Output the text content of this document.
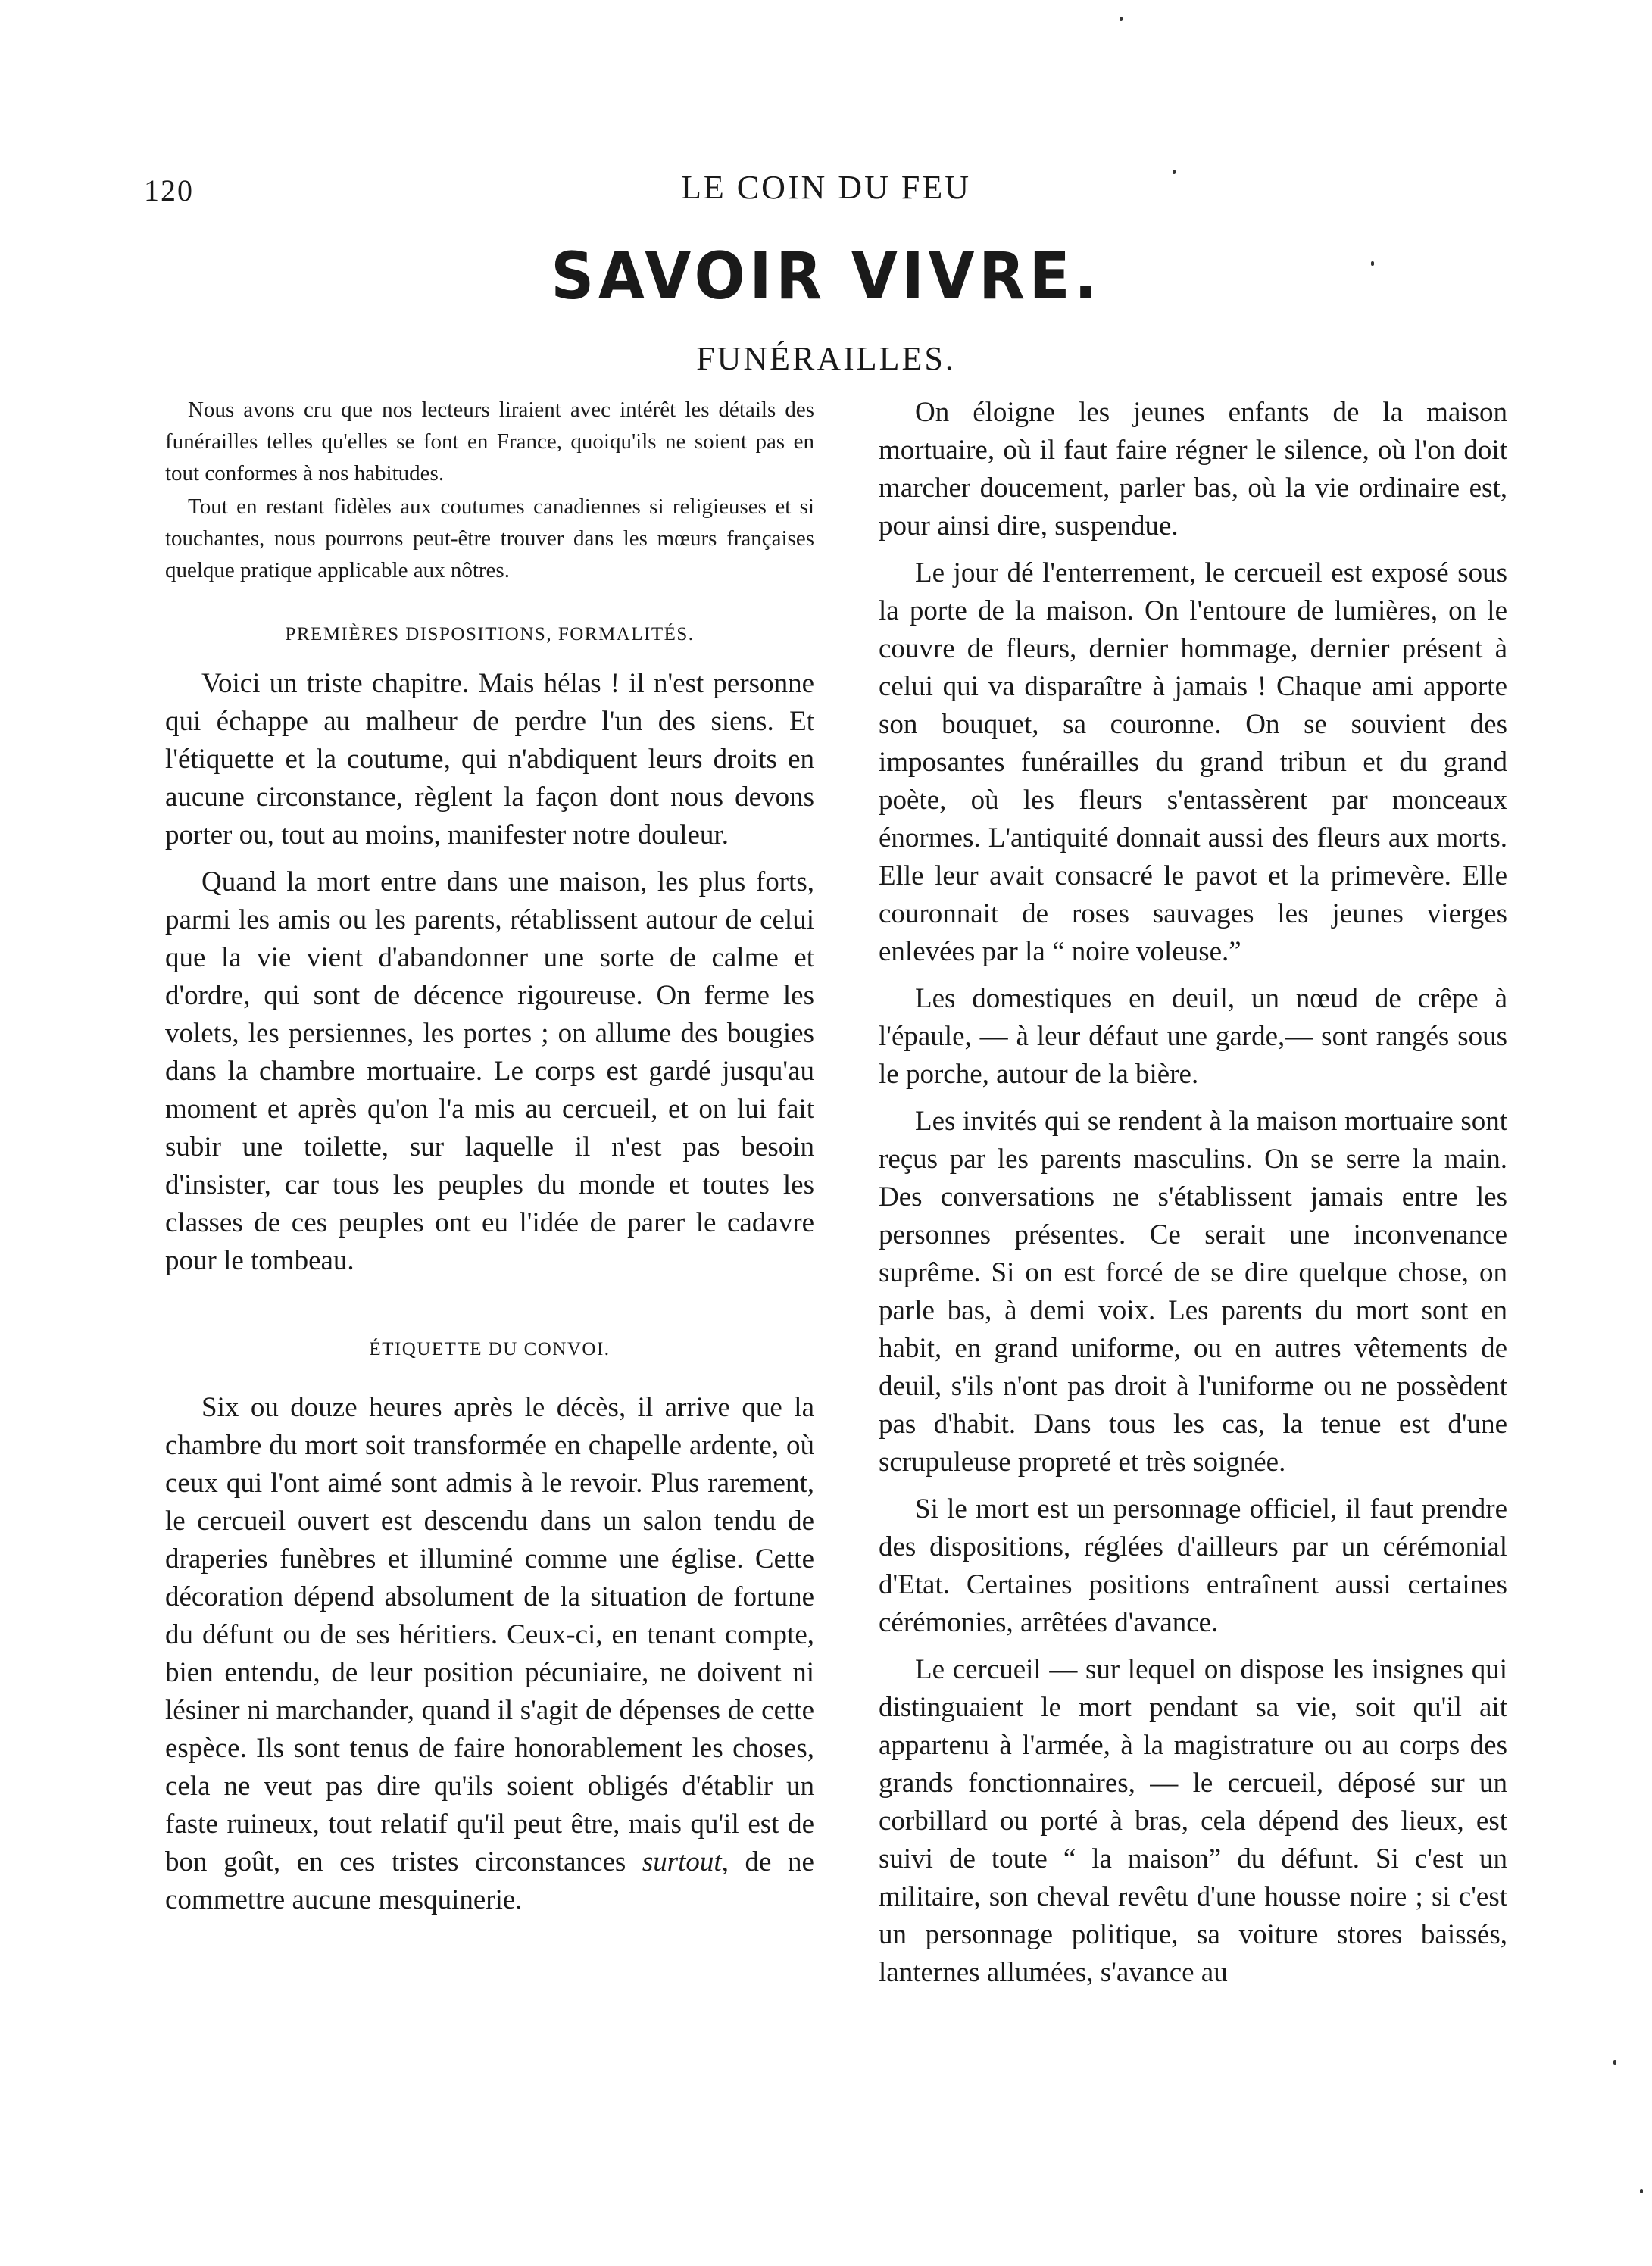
120	LE COIN DU FEU
SAVOIR VIVRE.
FUNÉRAILLES.

Nous avons cru que nos lecteurs liraient avec intérêt les détails des funérailles telles qu'elles se font en France, quoiqu'ils ne soient pas en tout conformes à nos habitudes.

Tout en restant fidèles aux coutumes canadiennes si religieuses et si touchantes, nous pourrons peut-être trouver dans les mœurs françaises quelque pratique applicable aux nôtres.

PREMIÈRES DISPOSITIONS, FORMALITÉS.

Voici un triste chapitre. Mais hélas ! il n'est personne qui échappe au malheur de perdre l'un des siens. Et l'étiquette et la coutume, qui n'abdiquent leurs droits en aucune circonstance, règlent la façon dont nous devons porter ou, tout au moins, manifester notre douleur.

Quand la mort entre dans une maison, les plus forts, parmi les amis ou les parents, rétablissent autour de celui que la vie vient d'abandonner une sorte de calme et d'ordre, qui sont de décence rigoureuse. On ferme les volets, les persiennes, les portes ; on allume des bougies dans la chambre mortuaire. Le corps est gardé jusqu'au moment et après qu'on l'a mis au cercueil, et on lui fait subir une toilette, sur laquelle il n'est pas besoin d'insister, car tous les peuples du monde et toutes les classes de ces peuples ont eu l'idée de parer le cadavre pour le tombeau.

ÉTIQUETTE DU CONVOI.

Six ou douze heures après le décès, il arrive que la chambre du mort soit transformée en chapelle ardente, où ceux qui l'ont aimé sont admis à le revoir. Plus rarement, le cercueil ouvert est descendu dans un salon tendu de draperies funèbres et illuminé comme une église. Cette décoration dépend absolument de la situation de fortune du défunt ou de ses héritiers. Ceux-ci, en tenant compte, bien entendu, de leur position pécuniaire, ne doivent ni lésiner ni marchander, quand il s'agit de dépenses de cette espèce. Ils sont tenus de faire honorablement les choses, cela ne veut pas dire qu'ils soient obligés d'établir un faste ruineux, tout relatif qu'il peut être, mais qu'il est de bon goût, en ces tristes circonstances surtout, de ne commettre aucune mesquinerie.

On éloigne les jeunes enfants de la maison mortuaire, où il faut faire régner le silence, où l'on doit marcher doucement, parler bas, où la vie ordinaire est, pour ainsi dire, suspendue.

Le jour dé l'enterrement, le cercueil est exposé sous la porte de la maison. On l'entoure de lumières, on le couvre de fleurs, dernier hommage, dernier présent à celui qui va disparaître à jamais ! Chaque ami apporte son bouquet, sa couronne. On se souvient des imposantes funérailles du grand tribun et du grand poète, où les fleurs s'entassèrent par monceaux énormes. L'antiquité donnait aussi des fleurs aux morts. Elle leur avait consacré le pavot et la primevère. Elle couronnait de roses sauvages les jeunes vierges enlevées par la “ noire voleuse.”

Les domestiques en deuil, un nœud de crêpe à l'épaule, — à leur défaut une garde,— sont rangés sous le porche, autour de la bière.

Les invités qui se rendent à la maison mortuaire sont reçus par les parents masculins. On se serre la main. Des conversations ne s'établissent jamais entre les personnes présentes. Ce serait une inconvenance suprême. Si on est forcé de se dire quelque chose, on parle bas, à demi voix. Les parents du mort sont en habit, en grand uniforme, ou en autres vêtements de deuil, s'ils n'ont pas droit à l'uniforme ou ne possèdent pas d'habit. Dans tous les cas, la tenue est d'une scrupuleuse propreté et très soignée.

Si le mort est un personnage officiel, il faut prendre des dispositions, réglées d'ailleurs par un cérémonial d'Etat. Certaines positions entraînent aussi certaines cérémonies, arrêtées d'avance.

Le cercueil — sur lequel on dispose les insignes qui distinguaient le mort pendant sa vie, soit qu'il ait appartenu à l'armée, à la magistrature ou au corps des grands fonctionnaires, — le cercueil, déposé sur un corbillard ou porté à bras, cela dépend des lieux, est suivi de toute “ la maison” du défunt. Si c'est un militaire, son cheval revêtu d'une housse noire ; si c'est un personnage politique, sa voiture stores baissés, lanternes allumées, s'avance au
